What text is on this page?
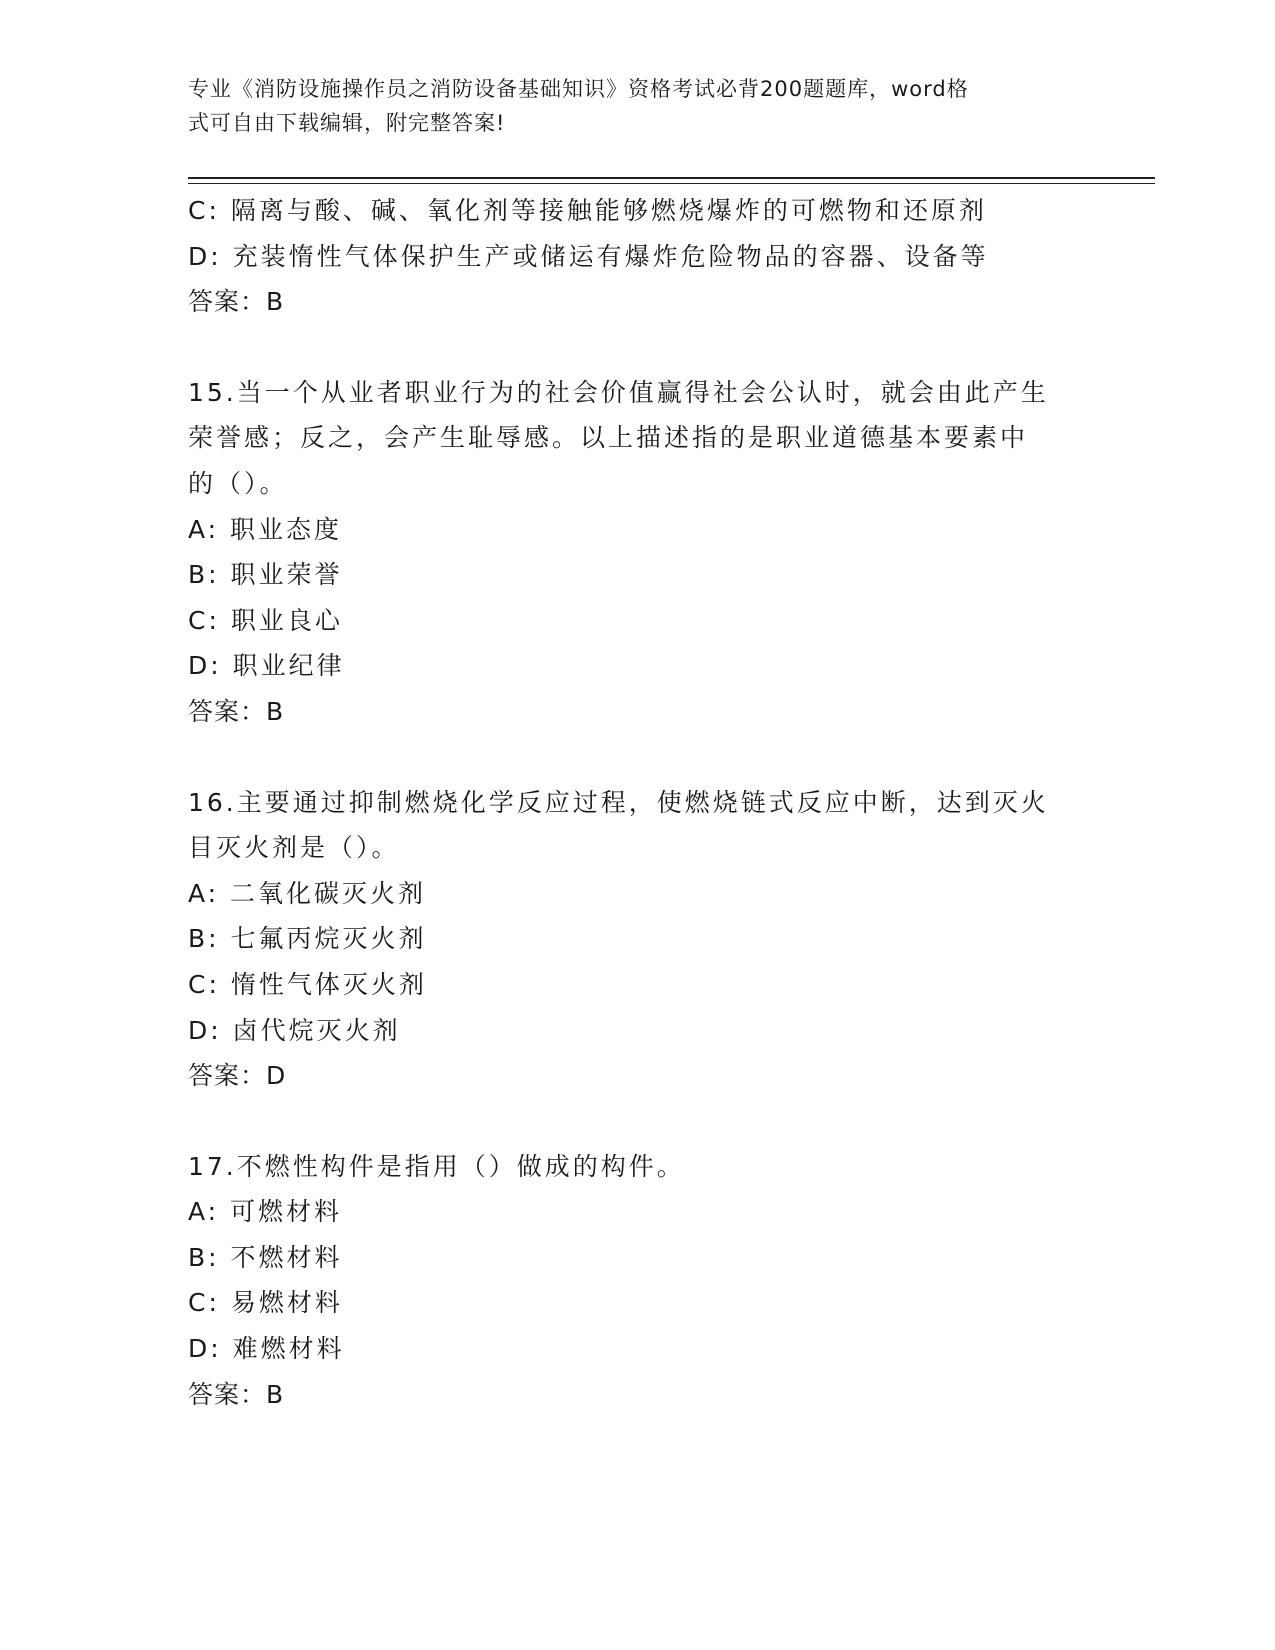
专业《消防设施操作员之消防设备基础知识》资格考试必背200题题库，word格
式可自由下载编辑，附完整答案!
C: 隔离与酸、碱、氧化剂等接触能够燃烧爆炸的可燃物和还原剂
D: 充装惰性气体保护生产或储运有爆炸危险物品的容器、设备等
答案：B
15.当一个从业者职业行为的社会价值赢得社会公认时，就会由此产生
荣誉感；反之，会产生耻辱感。以上描述指的是职业道德基本要素中
的（）。
A: 职业态度
B: 职业荣誉
C: 职业良心
D: 职业纪律
答案：B
16.主要通过抑制燃烧化学反应过程，使燃烧链式反应中断，达到灭火
目灭火剂是（）。
A: 二氧化碳灭火剂
B: 七氟丙烷灭火剂
C: 惰性气体灭火剂
D: 卤代烷灭火剂
答案：D
17.不燃性构件是指用（）做成的构件。
A: 可燃材料
B: 不燃材料
C: 易燃材料
D: 难燃材料
答案：B
